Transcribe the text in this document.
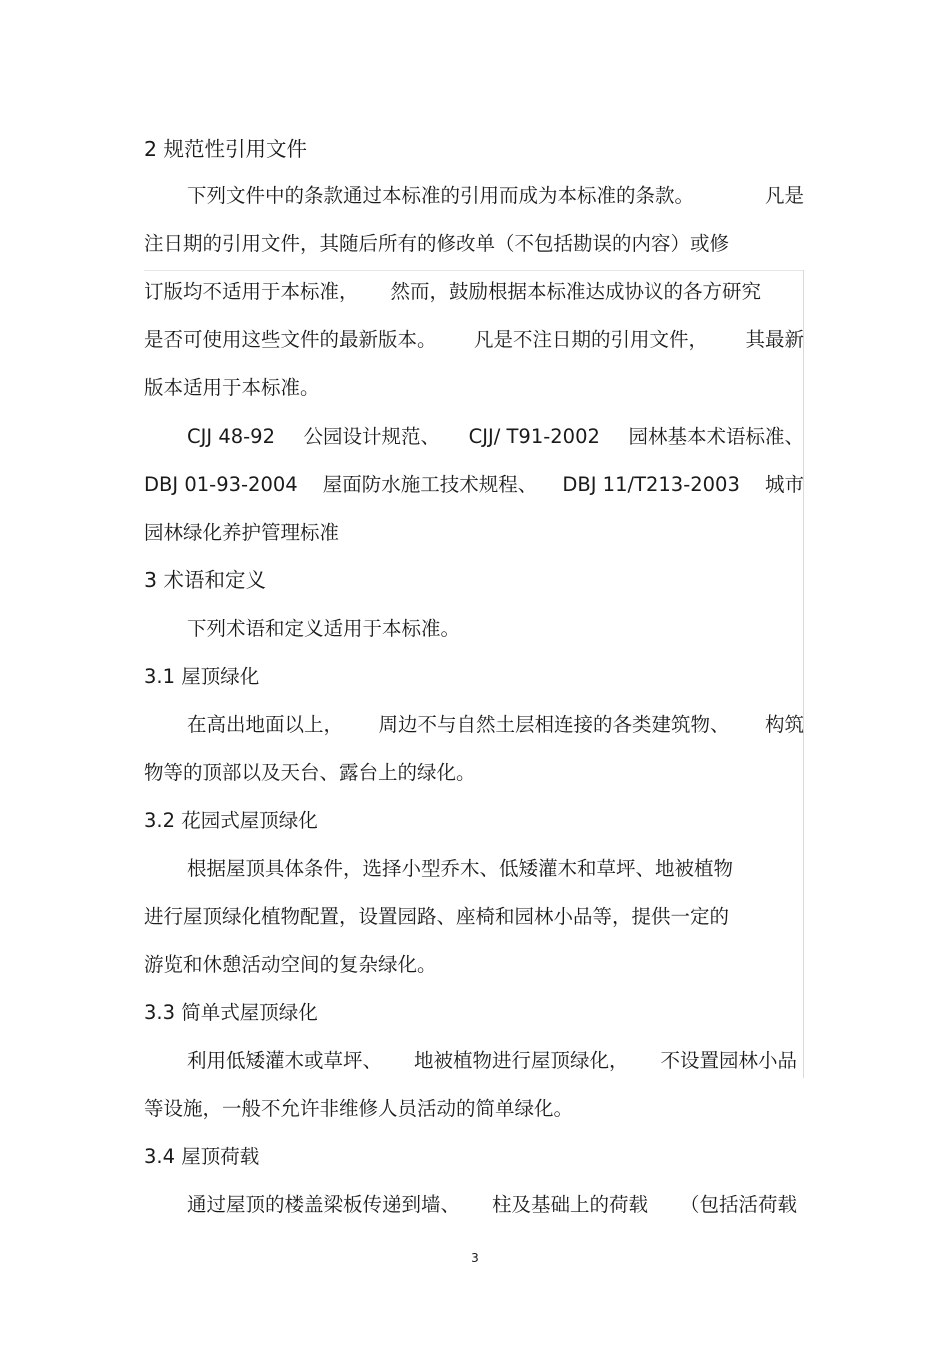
2 规范性引用文件
下列文件中的条款通过本标准的引用而成为本标准的条款。	凡是
注日期的引用文件，其随后所有的修改单（不包括勘误的内容）或修
订版均不适用于本标准， 然而，鼓励根据本标准达成协议的各方研究
是否可使用这些文件的最新版本。 凡是不注日期的引用文件， 其最新
版本适用于本标准。
CJJ 48-92 公园设计规范、 CJJ/ T91-2002 园林基本术语标准、
DBJ 01-93-2004 屋面防水施工技术规程、 DBJ 11/T213-2003 城市
园林绿化养护管理标准
3 术语和定义
下列术语和定义适用于本标准。
3.1 屋顶绿化
在高出地面以上， 周边不与自然土层相连接的各类建筑物、 构筑
物等的顶部以及天台、露台上的绿化。
3.2 花园式屋顶绿化
根据屋顶具体条件，选择小型乔木、低矮灌木和草坪、地被植物
进行屋顶绿化植物配置，设置园路、座椅和园林小品等，提供一定的
游览和休憩活动空间的复杂绿化。
3.3 简单式屋顶绿化
利用低矮灌木或草坪、 地被植物进行屋顶绿化， 不设置园林小品
等设施，一般不允许非维修人员活动的简单绿化。
3.4 屋顶荷载
通过屋顶的楼盖梁板传递到墙、 柱及基础上的荷载 （包括活荷载
3
